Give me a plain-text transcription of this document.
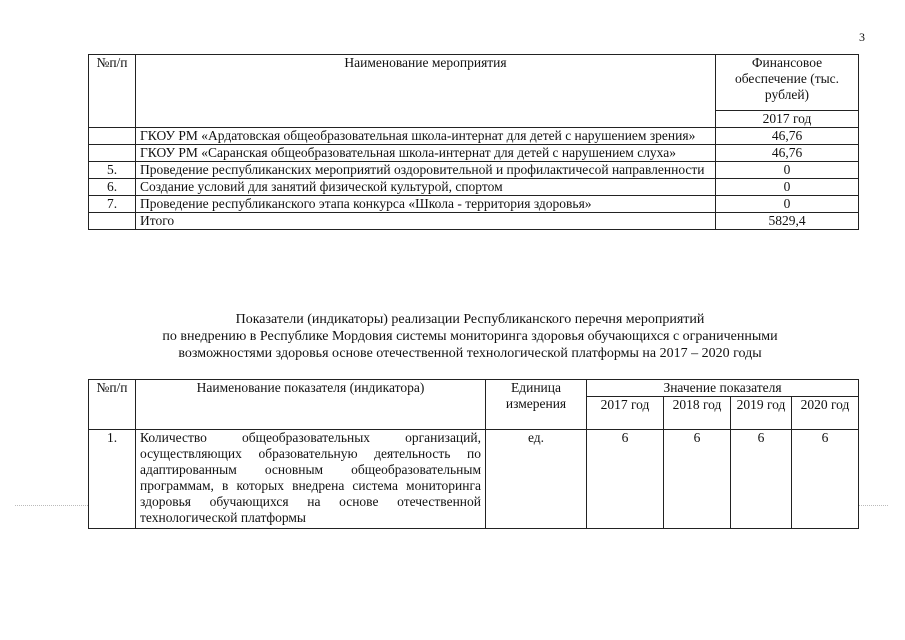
3
№п/п	Наименование мероприятия	Финансовое обеспечение (тыс. рублей)
		2017 год
	ГКОУ РМ «Ардатовская общеобразовательная школа-интернат для детей с нарушением зрения»	46,76
	ГКОУ РМ «Саранская общеобразовательная школа-интернат для детей с нарушением слуха»	46,76
5.	Проведение республиканских мероприятий оздоровительной и профилактичесой направленности	0
6.	Создание условий для занятий физической культурой, спортом	0
7.	Проведение республиканского этапа конкурса «Школа - территория здоровья»	0
	Итого	5829,4
Показатели (индикаторы) реализации Республиканского перечня мероприятий
по внедрению в Республике Мордовия системы мониторинга здоровья обучающихся с ограниченными
возможностями здоровья основе отечественной технологической платформы на 2017 – 2020 годы
№п/п	Наименование показателя (индикатора)	Единица измерения	Значение показателя			
			2017 год	2018 год	2019 год	2020 год
1.	Количество общеобразовательных организаций, осуществляющих образовательную деятельность по адаптированным основным общеобразовательным программам, в которых внедрена система мониторинга здоровья обучающихся на основе отечественной технологической платформы	ед.	6	6	6	6
